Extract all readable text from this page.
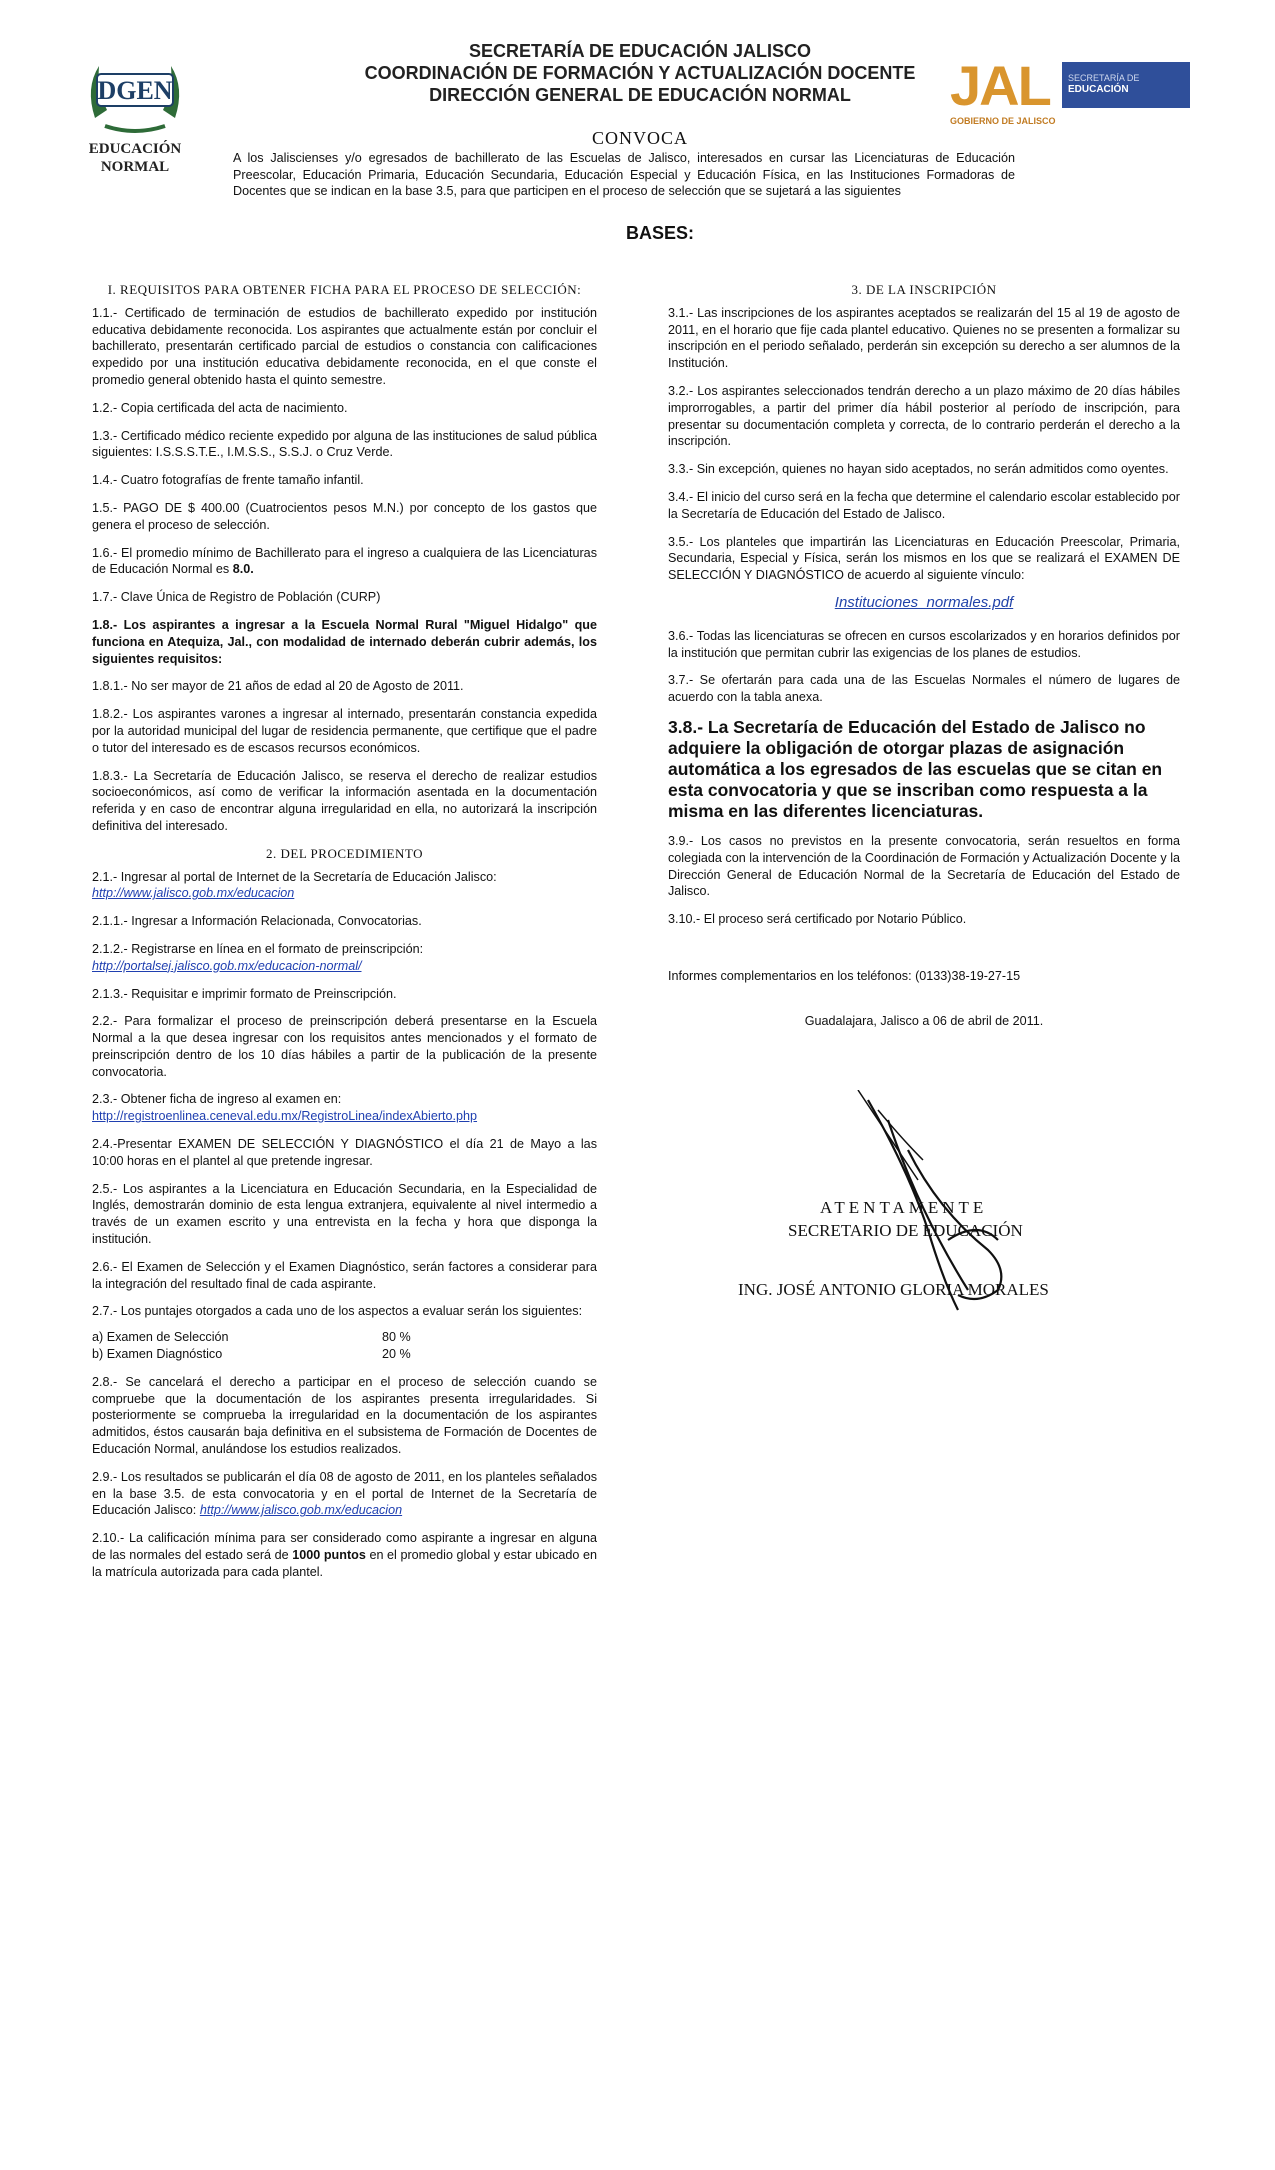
DGEN
EDUCACIÓN
NORMAL
SECRETARÍA DE EDUCACIÓN JALISCO
COORDINACIÓN DE FORMACIÓN Y ACTUALIZACIÓN DOCENTE
DIRECCIÓN GENERAL DE EDUCACIÓN NORMAL	JAL SECRETARÍA DE
EDUCACIÓN
GOBIERNO DE JALISCO
CONVOCA
A los Jaliscienses y/o egresados de bachillerato de las Escuelas de Jalisco, interesados en cursar las Licenciaturas de Educación Preescolar, Educación Primaria, Educación Secundaria, Educación Especial y Educación Física, en las Instituciones Formadoras de Docentes que se indican en la base 3.5, para que participen en el proceso de selección que se sujetará a las siguientes
BASES:
I. REQUISITOS PARA OBTENER FICHA PARA EL PROCESO DE SELECCIÓN:

1.1.- Certificado de terminación de estudios de bachillerato expedido por institución educativa debidamente reconocida. Los aspirantes que actualmente están por concluir el bachillerato, presentarán certificado parcial de estudios o constancia con calificaciones expedido por una institución educativa debidamente reconocida, en el que conste el promedio general obtenido hasta el quinto semestre.

1.2.- Copia certificada del acta de nacimiento.

1.3.- Certificado médico reciente expedido por alguna de las instituciones de salud pública siguientes: I.S.S.S.T.E., I.M.S.S., S.S.J. o Cruz Verde.

1.4.- Cuatro fotografías de frente tamaño infantil.

1.5.- PAGO DE $ 400.00 (Cuatrocientos pesos M.N.) por concepto de los gastos que genera el proceso de selección.

1.6.- El promedio mínimo de Bachillerato para el ingreso a cualquiera de las Licenciaturas de Educación Normal es 8.0.

1.7.- Clave Única de Registro de Población (CURP)

1.8.- Los aspirantes a ingresar a la Escuela Normal Rural "Miguel Hidalgo" que funciona en Atequiza, Jal., con modalidad de internado deberán cubrir además, los siguientes requisitos:

1.8.1.- No ser mayor de 21 años de edad al 20 de Agosto de 2011.

1.8.2.- Los aspirantes varones a ingresar al internado, presentarán constancia expedida por la autoridad municipal del lugar de residencia permanente, que certifique que el padre o tutor del interesado es de escasos recursos económicos.

1.8.3.- La Secretaría de Educación Jalisco, se reserva el derecho de realizar estudios socioeconómicos, así como de verificar la información asentada en la documentación referida y en caso de encontrar alguna irregularidad en ella, no autorizará la inscripción definitiva del interesado.

2. DEL PROCEDIMIENTO

2.1.- Ingresar al portal de Internet de la Secretaría de Educación Jalisco:
http://www.jalisco.gob.mx/educacion

2.1.1.- Ingresar a Información Relacionada, Convocatorias.

2.1.2.- Registrarse en línea en el formato de preinscripción:
http://portalsej.jalisco.gob.mx/educacion-normal/

2.1.3.- Requisitar e imprimir formato de Preinscripción.

2.2.- Para formalizar el proceso de preinscripción deberá presentarse en la Escuela Normal a la que desea ingresar con los requisitos antes mencionados y el formato de preinscripción dentro de los 10 días hábiles a partir de la publicación de la presente convocatoria.

2.3.- Obtener ficha de ingreso al examen en:
http://registroenlinea.ceneval.edu.mx/RegistroLinea/indexAbierto.php

2.4.-Presentar EXAMEN DE SELECCIÓN Y DIAGNÓSTICO el día 21 de Mayo a las 10:00 horas en el plantel al que pretende ingresar.

2.5.- Los aspirantes a la Licenciatura en Educación Secundaria, en la Especialidad de Inglés, demostrarán dominio de esta lengua extranjera, equivalente al nivel intermedio a través de un examen escrito y una entrevista en la fecha y hora que disponga la institución.

2.6.- El Examen de Selección y el Examen Diagnóstico, serán factores a considerar para la integración del resultado final de cada aspirante.

2.7.- Los puntajes otorgados a cada uno de los aspectos a evaluar serán los siguientes:

a) Examen de Selección	80 %
b) Examen Diagnóstico	20 %

2.8.- Se cancelará el derecho a participar en el proceso de selección cuando se compruebe que la documentación de los aspirantes presenta irregularidades. Si posteriormente se comprueba la irregularidad en la documentación de los aspirantes admitidos, éstos causarán baja definitiva en el subsistema de Formación de Docentes de Educación Normal, anulándose los estudios realizados.

2.9.- Los resultados se publicarán el día 08 de agosto de 2011, en los planteles señalados en la base 3.5. de esta convocatoria y en el portal de Internet de la Secretaría de Educación Jalisco: http://www.jalisco.gob.mx/educacion

2.10.- La calificación mínima para ser considerado como aspirante a ingresar en alguna de las normales del estado será de 1000 puntos en el promedio global y estar ubicado en la matrícula autorizada para cada plantel.

3. DE LA INSCRIPCIÓN

3.1.- Las inscripciones de los aspirantes aceptados se realizarán del 15 al 19 de agosto de 2011, en el horario que fije cada plantel educativo. Quienes no se presenten a formalizar su inscripción en el periodo señalado, perderán sin excepción su derecho a ser alumnos de la Institución.

3.2.- Los aspirantes seleccionados tendrán derecho a un plazo máximo de 20 días hábiles improrrogables, a partir del primer día hábil posterior al período de inscripción, para presentar su documentación completa y correcta, de lo contrario perderán el derecho a la inscripción.

3.3.- Sin excepción, quienes no hayan sido aceptados, no serán admitidos como oyentes.

3.4.- El inicio del curso será en la fecha que determine el calendario escolar establecido por la Secretaría de Educación del Estado de Jalisco.

3.5.- Los planteles que impartirán las Licenciaturas en Educación Preescolar, Primaria, Secundaria, Especial y Física, serán los mismos en los que se realizará el EXAMEN DE SELECCIÓN Y DIAGNÓSTICO de acuerdo al siguiente vínculo:

Instituciones_normales.pdf

3.6.- Todas las licenciaturas se ofrecen en cursos escolarizados y en horarios definidos por la institución que permitan cubrir las exigencias de los planes de estudios.

3.7.- Se ofertarán para cada una de las Escuelas Normales el número de lugares de acuerdo con la tabla anexa.

3.8.- La Secretaría de Educación del Estado de Jalisco no adquiere la obligación de otorgar plazas de asignación automática a los egresados de las escuelas que se citan en esta convocatoria y que se inscriban como respuesta a la misma en las diferentes licenciaturas.

3.9.- Los casos no previstos en la presente convocatoria, serán resueltos en forma colegiada con la intervención de la Coordinación de Formación y Actualización Docente y la Dirección General de Educación Normal de la Secretaría de Educación del Estado de Jalisco.

3.10.- El proceso será certificado por Notario Público.

Informes complementarios en los teléfonos: (0133)38-19-27-15

Guadalajara, Jalisco a 06 de abril de 2011.

ATENTAMENTE
SECRETARIO DE EDUCACIÓN
ING. JOSÉ ANTONIO GLORIA MORALES
